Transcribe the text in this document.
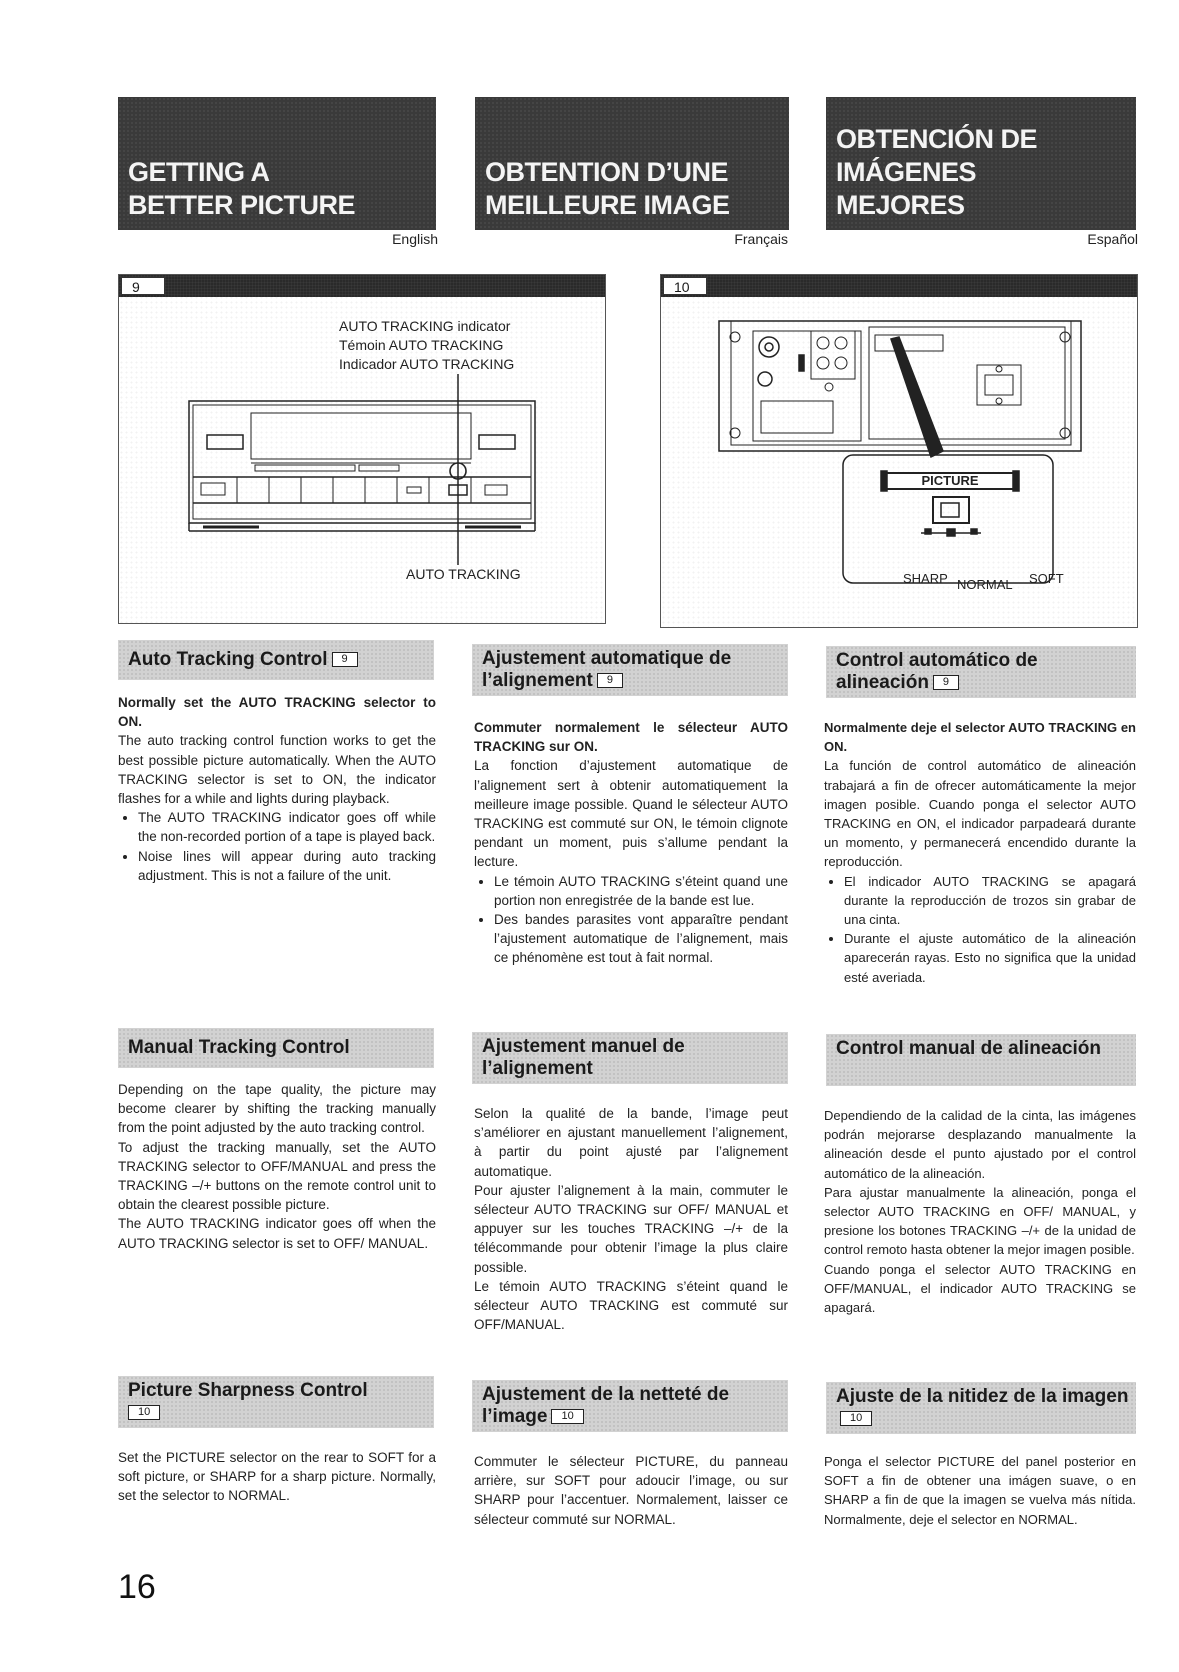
GETTING A
BETTER PICTURE
English
OBTENTION D’UNE
MEILLEURE IMAGE
Français
OBTENCIÓN DE
IMÁGENES
MEJORES
Español
9
AUTO TRACKING indicator
Témoin AUTO TRACKING
Indicador AUTO TRACKING
AUTO TRACKING
10
PICTURE
SHARP NORMAL SOFT
Auto Tracking Control 9

Normally set the AUTO TRACKING selector to ON.

The auto tracking control function works to get the best possible picture automatically. When the AUTO TRACKING selector is set to ON, the indicator flashes for a while and lights during playback.

• The AUTO TRACKING indicator goes off while the non-recorded portion of a tape is played back.
• Noise lines will appear during auto tracking adjustment. This is not a failure of the unit.
Ajustement automatique de l’alignement 9

Commuter normalement le sélecteur AUTO TRACKING sur ON.

La fonction d’ajustement automatique de l’alignement sert à obtenir automatiquement la meilleure image possible. Quand le sélecteur AUTO TRACKING est commuté sur ON, le témoin clignote pendant un moment, puis s’allume pendant la lecture.

• Le témoin AUTO TRACKING s’éteint quand une portion non enregistrée de la bande est lue.
• Des bandes parasites vont apparaître pendant l’ajustement automatique de l’alignement, mais ce phénomène est tout à fait normal.
Control automático de alineación 9

Normalmente deje el selector AUTO TRACKING en ON.

La función de control automático de alineación trabajará a fin de ofrecer automáticamente la mejor imagen posible. Cuando ponga el selector AUTO TRACKING en ON, el indicador parpadeará durante un momento, y permanecerá encendido durante la reproducción.

• El indicador AUTO TRACKING se apagará durante la reproducción de trozos sin grabar de una cinta.
• Durante el ajuste automático de la alineación aparecerán rayas. Esto no significa que la unidad esté averiada.
Manual Tracking Control

Depending on the tape quality, the picture may become clearer by shifting the tracking manually from the point adjusted by the auto tracking control.

To adjust the tracking manually, set the AUTO TRACKING selector to OFF/MANUAL and press the TRACKING –/+ buttons on the remote control unit to obtain the clearest possible picture.

The AUTO TRACKING indicator goes off when the AUTO TRACKING selector is set to OFF/ MANUAL.

Ajustement manuel de l’alignement

Selon la qualité de la bande, l’image peut s’améliorer en ajustant manuellement l’alignement, à partir du point ajusté par l’alignement automatique.

Pour ajuster l’alignement à la main, commuter le sélecteur AUTO TRACKING sur OFF/ MANUAL et appuyer sur les touches TRACKING –/+ de la télécommande pour obtenir l’image la plus claire possible.

Le témoin AUTO TRACKING s’éteint quand le sélecteur AUTO TRACKING est commuté sur OFF/MANUAL.

Control manual de alineación

Dependiendo de la calidad de la cinta, las imágenes podrán mejorarse desplazando manualmente la alineación desde el punto ajustado por el control automático de la alineación.

Para ajustar manualmente la alineación, ponga el selector AUTO TRACKING en OFF/ MANUAL, y presione los botones TRACKING –/+ de la unidad de control remoto hasta obtener la mejor imagen posible.

Cuando ponga el selector AUTO TRACKING en OFF/MANUAL, el indicador AUTO TRACKING se apagará.

Picture Sharpness Control
10

Set the PICTURE selector on the rear to SOFT for a soft picture, or SHARP for a sharp picture. Normally, set the selector to NORMAL.

Ajustement de la netteté de l’image 10

Commuter le sélecteur PICTURE, du panneau arrière, sur SOFT pour adoucir l’image, ou sur SHARP pour l’accentuer. Normalement, laisser ce sélecteur commuté sur NORMAL.

Ajuste de la nitidez de la imagen10

Ponga el selector PICTURE del panel posterior en SOFT a fin de obtener una imágen suave, o en SHARP a fin de que la imagen se vuelva más nítida. Normalmente, deje el selector en NORMAL.

16
